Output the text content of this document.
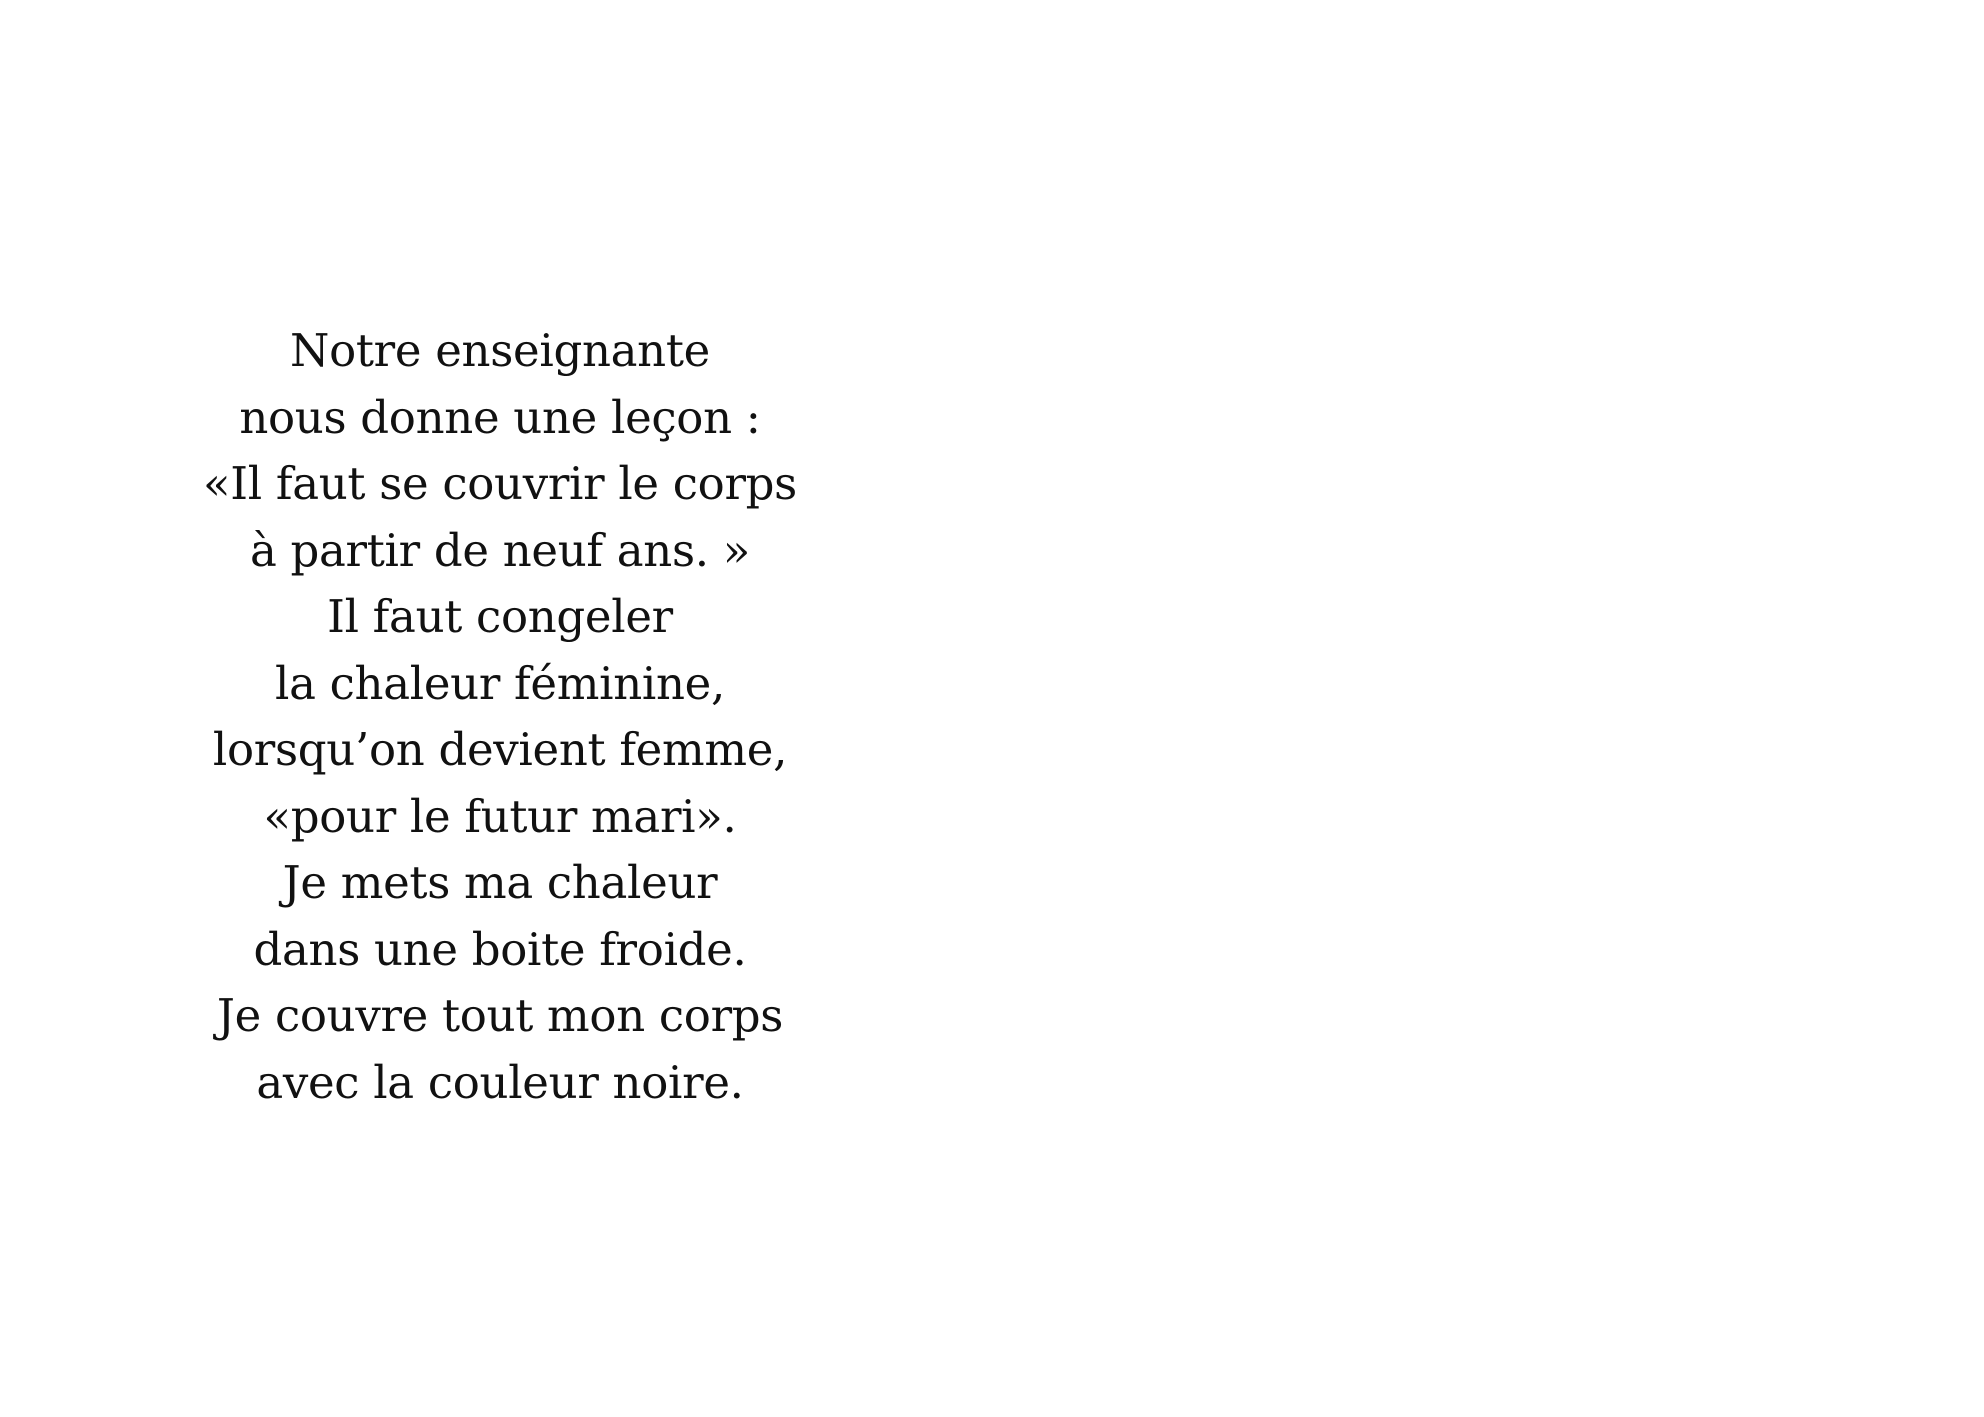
Notre enseignante
nous donne une leçon :
«Il faut se couvrir le corps
à partir de neuf ans. »
Il faut congeler
la chaleur féminine,
lorsqu’on devient femme,
«pour le futur mari».
Je mets ma chaleur
dans une boite froide.
Je couvre tout mon corps
avec la couleur noire.
